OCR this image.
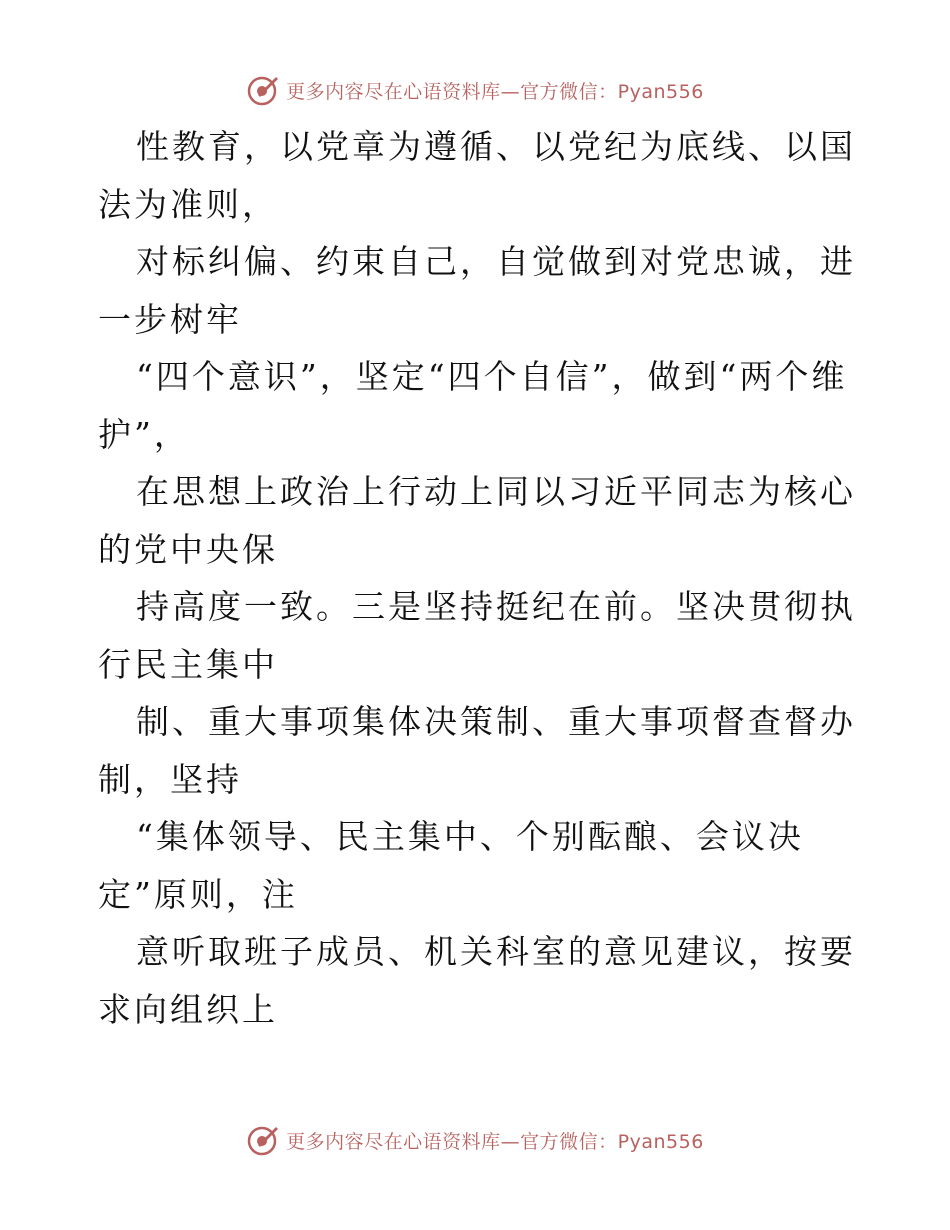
更多内容尽在心语资料库—官方微信：Pyan556

性教育，以党章为遵循、以党纪为底线、以国法为准则，

对标纠偏、约束自己，自觉做到对党忠诚，进一步树牢

“四个意识”，坚定“四个自信”，做到“两个维护”，

在思想上政治上行动上同以习近平同志为核心的党中央保

持高度一致。三是坚持挺纪在前。坚决贯彻执行民主集中

制、重大事项集体决策制、重大事项督查督办制，坚持

“集体领导、民主集中、个别酝酿、会议决定”原则，注

意听取班子成员、机关科室的意见建议，按要求向组织上

更多内容尽在心语资料库—官方微信：Pyan556
